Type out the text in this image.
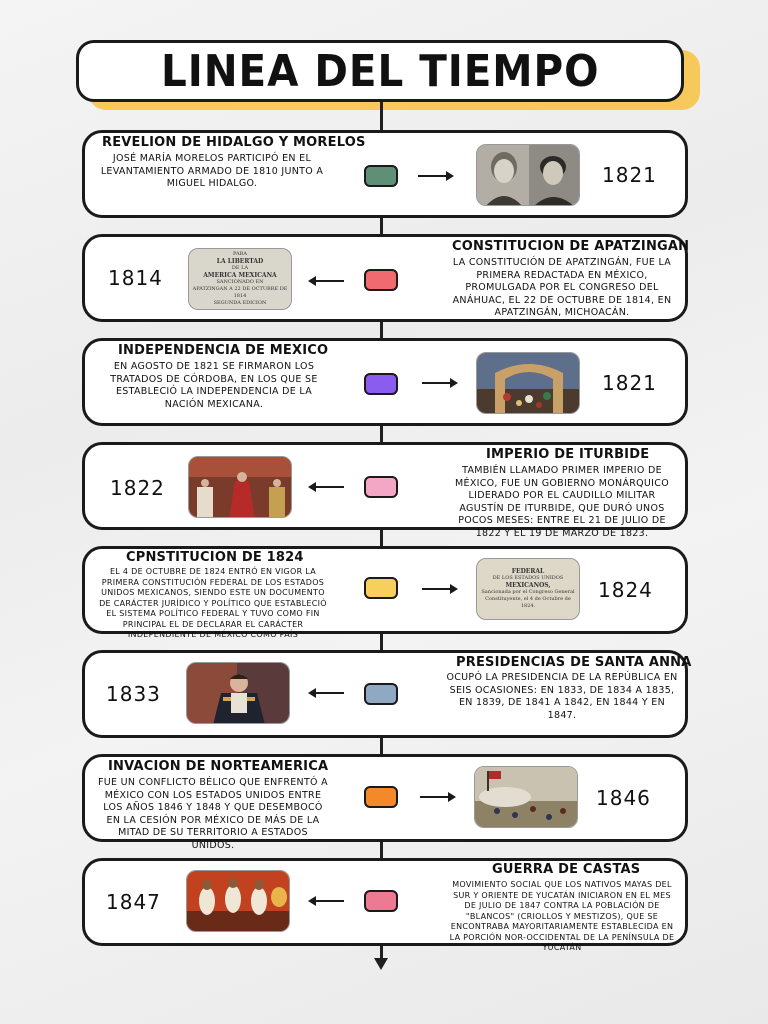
LINEA DEL TIEMPO
REVELION DE HIDALGO Y MORELOS
JOSÉ MARÍA MORELOS PARTICIPÓ EN EL LEVANTAMIENTO ARMADO DE 1810 JUNTO A MIGUEL HIDALGO.	1821
1814
PARA
LA LIBERTAD
DE LA
AMERICA MEXICANA
SANCIONADO EN
APATZINGAN A 22 DE OCTUBRE DE 1814
SEGUNDA EDICION
CONSTITUCION DE APATZINGAN
LA CONSTITUCIÓN DE APATZINGÁN, FUE LA PRIMERA REDACTADA EN MÉXICO, PROMULGADA POR EL CONGRESO DEL ANÁHUAC, EL 22 DE OCTUBRE DE 1814, EN APATZINGÁN, MICHOACÁN.
INDEPENDENCIA DE MEXICO
EN AGOSTO DE 1821 SE FIRMARON LOS TRATADOS DE CÓRDOBA, EN LOS QUE SE ESTABLECIÓ LA INDEPENDENCIA DE LA NACIÓN MEXICANA.
1821
1822
IMPERIO DE ITURBIDE
TAMBIÉN LLAMADO PRIMER IMPERIO DE MÉXICO, FUE UN GOBIERNO MONÁRQUICO LIDERADO POR EL CAUDILLO MILITAR AGUSTÍN DE ITURBIDE, QUE DURÓ UNOS POCOS MESES: ENTRE EL 21 DE JULIO DE 1822 Y EL 19 DE MARZO DE 1823.
CPNSTITUCION DE 1824
EL 4 DE OCTUBRE DE 1824 ENTRÓ EN VIGOR LA PRIMERA CONSTITUCIÓN FEDERAL DE LOS ESTADOS UNIDOS MEXICANOS, SIENDO ESTE UN DOCUMENTO DE CARÁCTER JURÍDICO Y POLÍTICO QUE ESTABLECIÓ EL SISTEMA POLÍTICO FEDERAL Y TUVO COMO FIN PRINCIPAL EL DE DECLARAR EL CARÁCTER INDEPENDIENTE DE MÉXICO COMO PAÍS
FEDERAL
DE LOS ESTADOS UNIDOS
MEXICANOS,
Sancionada por el Congreso General
Constituyente, el 4 de Octubre de
1824.
1824
1833
PRESIDENCIAS DE SANTA ANNA
OCUPÓ LA PRESIDENCIA DE LA REPÚBLICA EN SEIS OCASIONES: EN 1833, DE 1834 A 1835, EN 1839, DE 1841 A 1842, EN 1844 Y EN 1847.
INVACION DE NORTEAMERICA
FUE UN CONFLICTO BÉLICO QUE ENFRENTÓ A MÉXICO CON LOS ESTADOS UNIDOS ENTRE LOS AÑOS 1846 Y 1848 Y QUE DESEMBOCÓ EN LA CESIÓN POR MÉXICO DE MÁS DE LA MITAD DE SU TERRITORIO A ESTADOS UNIDOS.
1846
1847
GUERRA DE CASTAS
MOVIMIENTO SOCIAL QUE LOS NATIVOS MAYAS DEL SUR Y ORIENTE DE YUCATÁN INICIARON EN EL MES DE JULIO DE 1847 CONTRA LA POBLACIÓN DE "BLANCOS" (CRIOLLOS Y MESTIZOS), QUE SE ENCONTRABA MAYORITARIAMENTE ESTABLECIDA EN LA PORCIÓN NOR-OCCIDENTAL DE LA PENÍNSULA DE YUCATÁN
